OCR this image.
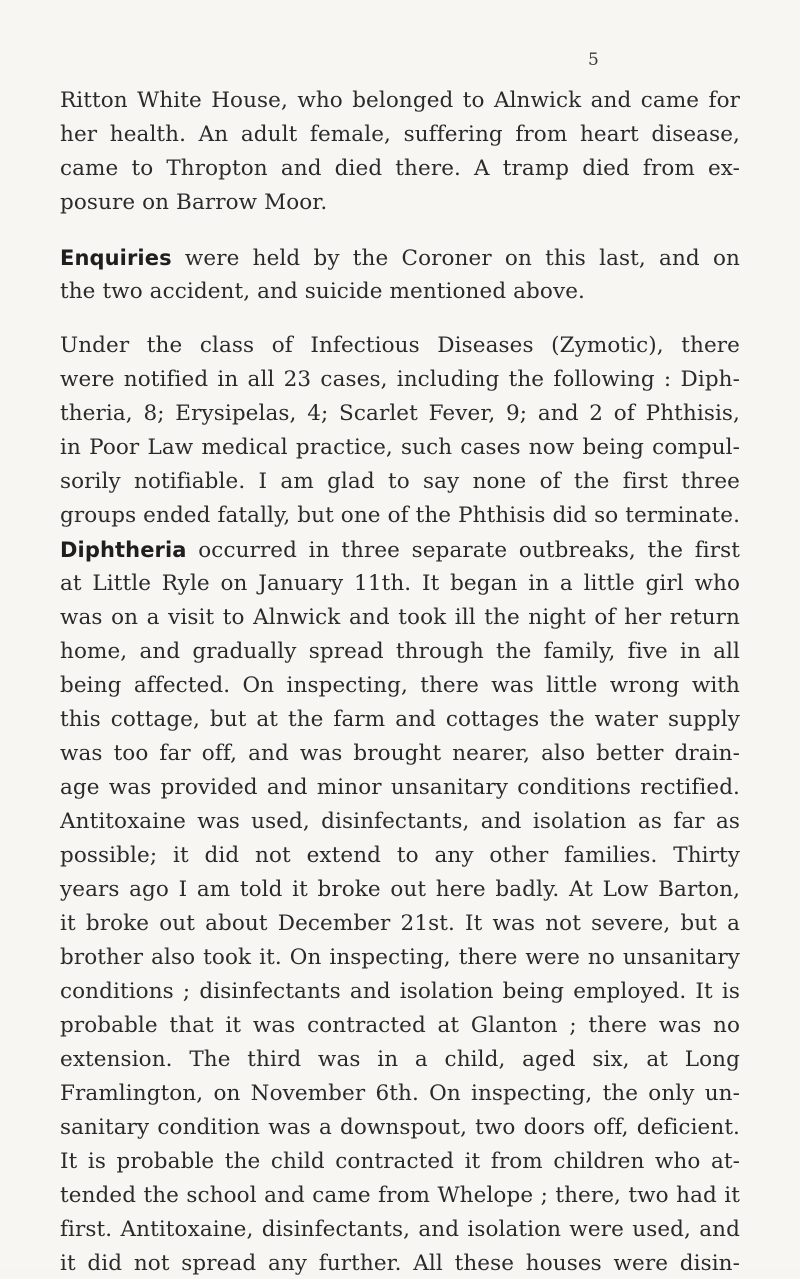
5
Ritton White House, who belonged to Alnwick and came for
her health. An adult female, suffering from heart disease,
came to Thropton and died there. A tramp died from ex-
posure on Barrow Moor.
Enquiries were held by the Coroner on this last, and on
the two accident, and suicide mentioned above.
Under the class of Infectious Diseases (Zymotic), there
were notified in all 23 cases, including the following : Diph-
theria, 8; Erysipelas, 4; Scarlet Fever, 9; and 2 of Phthisis,
in Poor Law medical practice, such cases now being compul-
sorily notifiable. I am glad to say none of the first three
groups ended fatally, but one of the Phthisis did so terminate.
Diphtheria occurred in three separate outbreaks, the first
at Little Ryle on January 11th. It began in a little girl who
was on a visit to Alnwick and took ill the night of her return
home, and gradually spread through the family, five in all
being affected. On inspecting, there was little wrong with
this cottage, but at the farm and cottages the water supply
was too far off, and was brought nearer, also better drain-
age was provided and minor unsanitary conditions rectified.
Antitoxaine was used, disinfectants, and isolation as far as
possible; it did not extend to any other families. Thirty
years ago I am told it broke out here badly. At Low Barton,
it broke out about December 21st. It was not severe, but a
brother also took it. On inspecting, there were no unsanitary
conditions ; disinfectants and isolation being employed. It is
probable that it was contracted at Glanton ; there was no
extension. The third was in a child, aged six, at Long
Framlington, on November 6th. On inspecting, the only un-
sanitary condition was a downspout, two doors off, deficient.
It is probable the child contracted it from children who at-
tended the school and came from Whelope ; there, two had it
first. Antitoxaine, disinfectants, and isolation were used, and
it did not spread any further. All these houses were disin-
